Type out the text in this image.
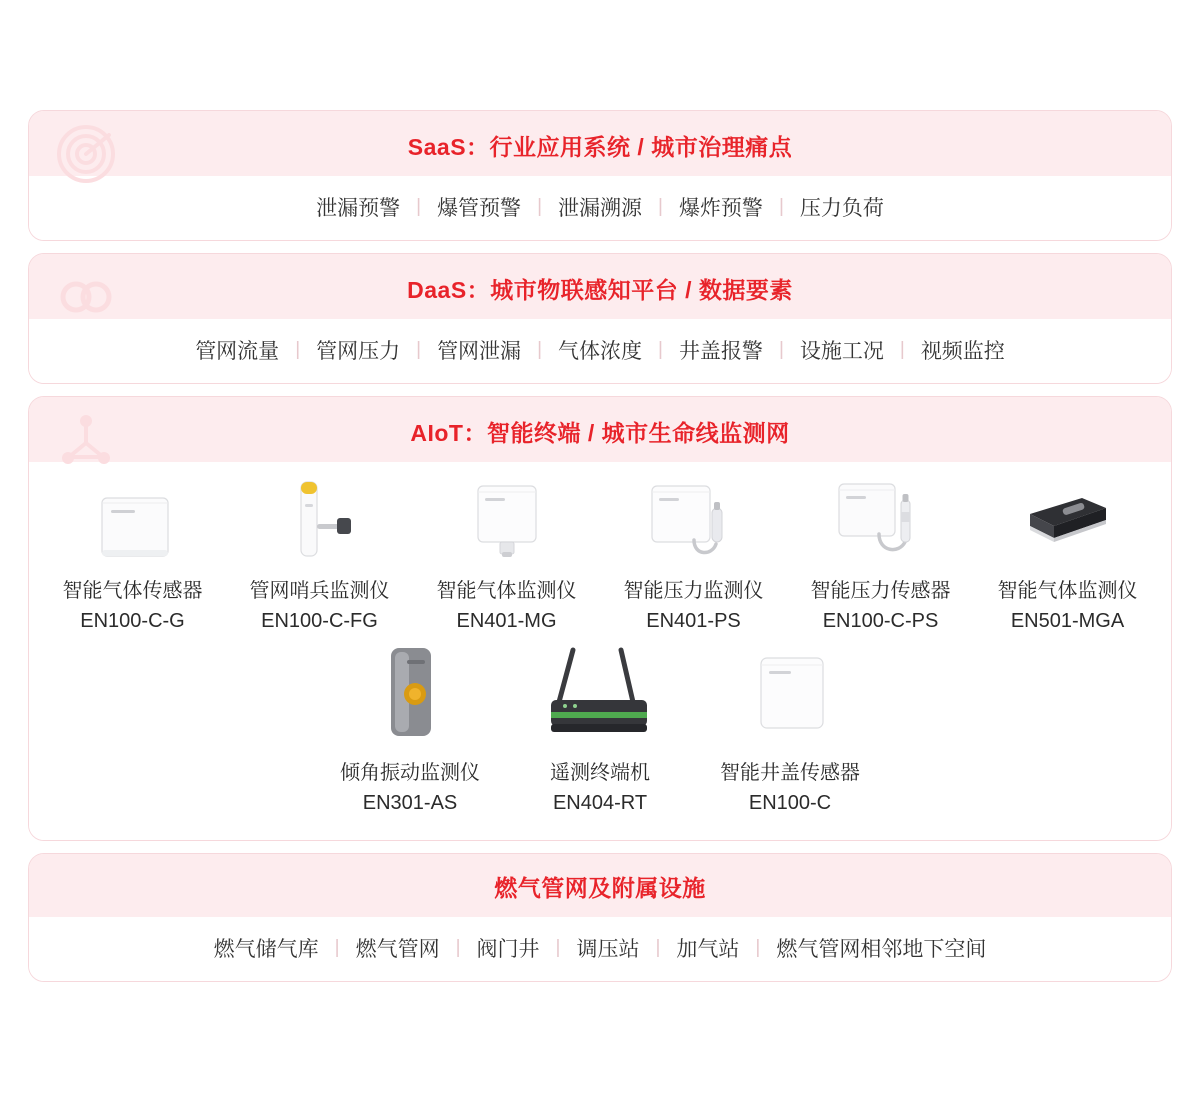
SaaS：行业应用系统 / 城市治理痛点
泄漏预警 | 爆管预警 | 泄漏溯源 | 爆炸预警 | 压力负荷
DaaS：城市物联感知平台 / 数据要素
管网流量 | 管网压力 | 管网泄漏 | 气体浓度 | 井盖报警 | 设施工况 | 视频监控
AIoT：智能终端 / 城市生命线监测网
智能气体传感器
EN100-C-G
管网哨兵监测仪
EN100-C-FG
智能气体监测仪
EN401-MG
智能压力监测仪
EN401-PS
智能压力传感器
EN100-C-PS
智能气体监测仪
EN501-MGA
倾角振动监测仪
EN301-AS
遥测终端机
EN404-RT
智能井盖传感器
EN100-C
燃气管网及附属设施
燃气储气库 | 燃气管网 | 阀门井 | 调压站 | 加气站 | 燃气管网相邻地下空间
